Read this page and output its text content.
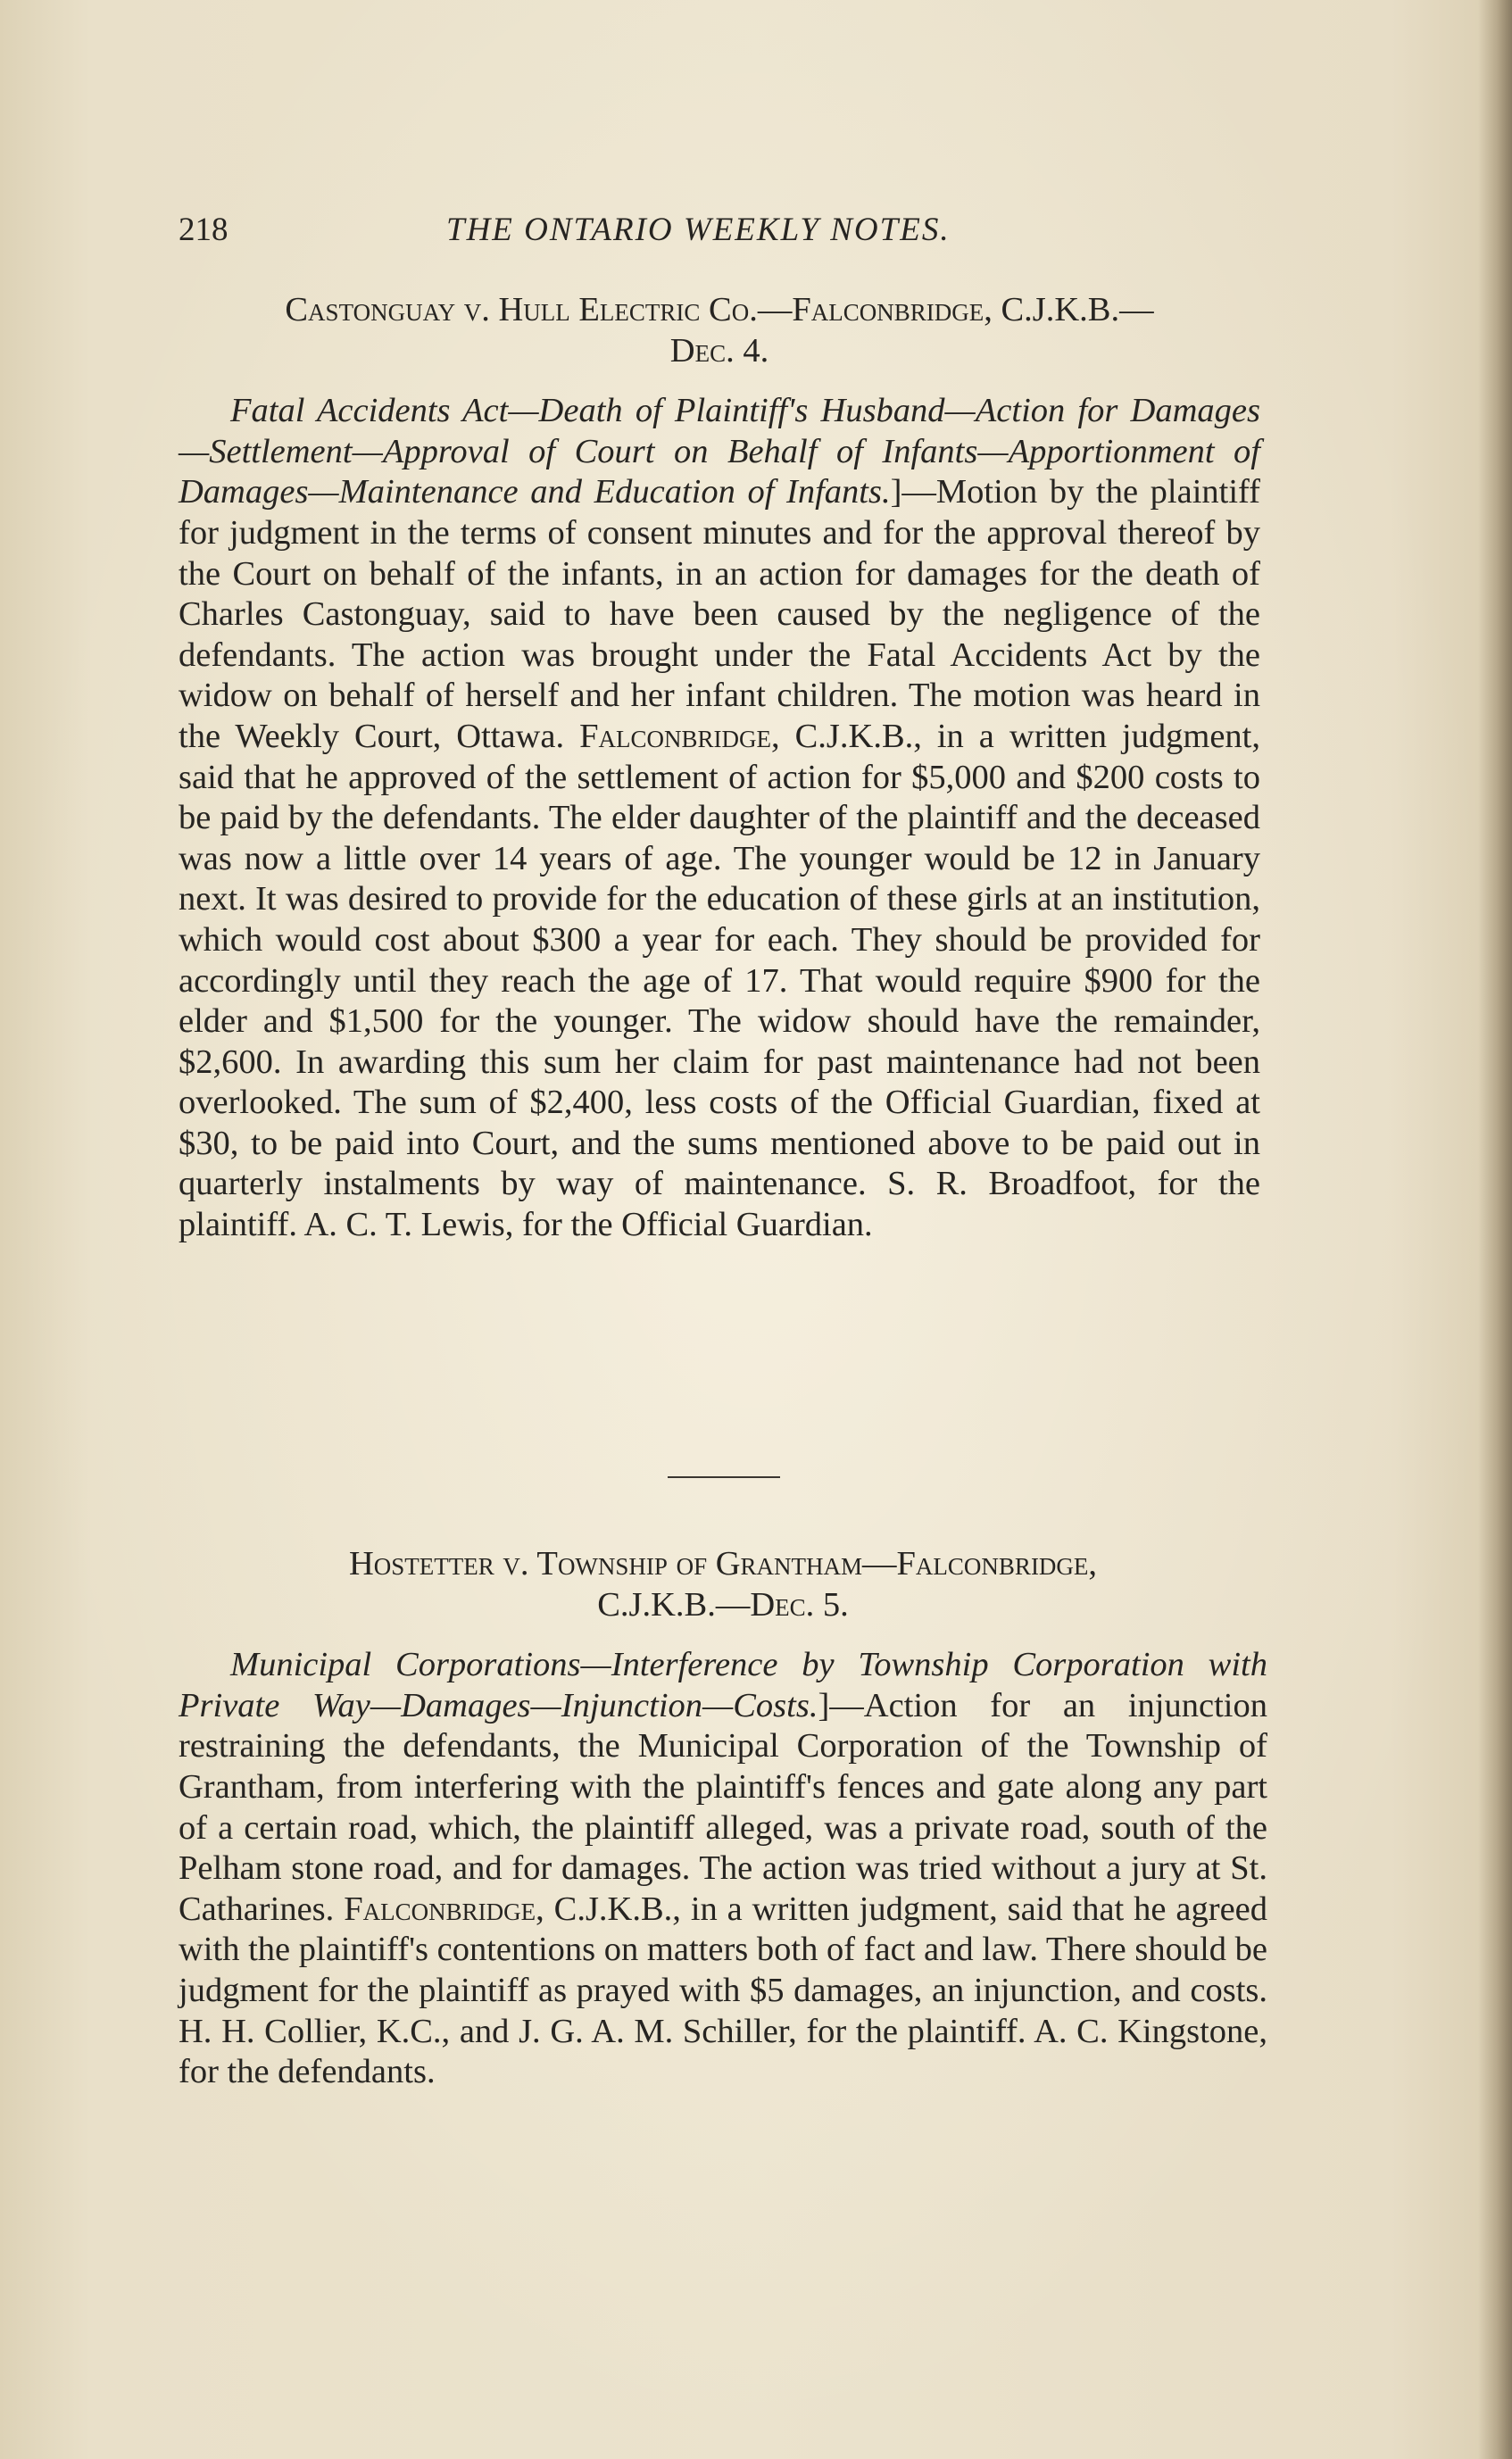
218	THE ONTARIO WEEKLY NOTES.

Castonguay v. Hull Electric Co.—Falconbridge, C.J.K.B.—
Dec. 4.

Fatal Accidents Act—Death of Plaintiff's Husband—Action for Damages—Settlement—Approval of Court on Behalf of Infants—Apportionment of Damages—Maintenance and Education of Infants.]—Motion by the plaintiff for judgment in the terms of consent minutes and for the approval thereof by the Court on behalf of the infants, in an action for damages for the death of Charles Castonguay, said to have been caused by the negligence of the defendants. The action was brought under the Fatal Accidents Act by the widow on behalf of herself and her infant children. The motion was heard in the Weekly Court, Ottawa. Falconbridge, C.J.K.B., in a written judgment, said that he approved of the settlement of action for $5,000 and $200 costs to be paid by the defendants. The elder daughter of the plaintiff and the deceased was now a little over 14 years of age. The younger would be 12 in January next. It was desired to provide for the education of these girls at an institution, which would cost about $300 a year for each. They should be provided for accordingly until they reach the age of 17. That would require $900 for the elder and $1,500 for the younger. The widow should have the remainder, $2,600. In awarding this sum her claim for past maintenance had not been overlooked. The sum of $2,400, less costs of the Official Guardian, fixed at $30, to be paid into Court, and the sums mentioned above to be paid out in quarterly instalments by way of maintenance. S. R. Broadfoot, for the plaintiff. A. C. T. Lewis, for the Official Guardian.

Hostetter v. Township of Grantham—Falconbridge,
C.J.K.B.—Dec. 5.

Municipal Corporations—Interference by Township Corporation with Private Way—Damages—Injunction—Costs.]—Action for an injunction restraining the defendants, the Municipal Corporation of the Township of Grantham, from interfering with the plaintiff's fences and gate along any part of a certain road, which, the plaintiff alleged, was a private road, south of the Pelham stone road, and for damages. The action was tried without a jury at St. Catharines. Falconbridge, C.J.K.B., in a written judgment, said that he agreed with the plaintiff's contentions on matters both of fact and law. There should be judgment for the plaintiff as prayed with $5 damages, an injunction, and costs. H. H. Collier, K.C., and J. G. A. M. Schiller, for the plaintiff. A. C. Kingstone, for the defendants.
